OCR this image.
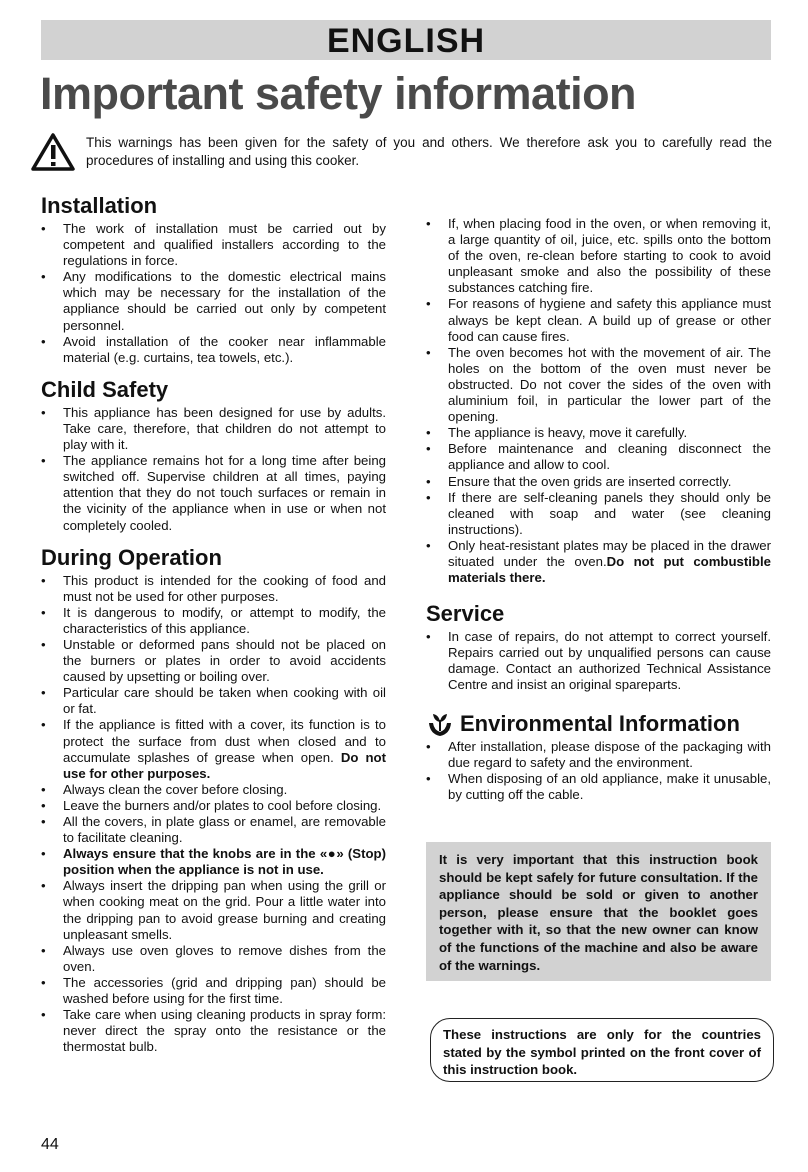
ENGLISH
Important safety information

This warnings has been given for the safety of you and others. We therefore ask you to carefully read the procedures of installing and using this cooker.

Installation
• The work of installation must be carried out by competent and qualified installers according to the regulations in force.
• Any modifications to the domestic electrical mains which may be necessary for the installation of the appliance should be carried out only by competent personnel.
• Avoid installation of the cooker near inflammable material (e.g. curtains, tea towels, etc.).
Child Safety
• This appliance has been designed for use by adults. Take care, therefore, that children do not attempt to play with it.
• The appliance remains hot for a long time after being switched off. Supervise children at all times, paying attention that they do not touch surfaces or remain in the vicinity of the appliance when in use or when not completely cooled.
During Operation
• This product is intended for the cooking of food and must not be used for other purposes.
• It is dangerous to modify, or attempt to modify, the characteristics of this appliance.
• Unstable or deformed pans should not be placed on the burners or plates in order to avoid accidents caused by upsetting or boiling over.
• Particular care should be taken when cooking with oil or fat.
• If the appliance is fitted with a cover, its function is to protect the surface from dust when closed and to accumulate splashes of grease when open. Do not use for other purposes.
• Always clean the cover before closing.
• Leave the burners and/or plates to cool before closing.
• All the covers, in plate glass or enamel, are removable to facilitate cleaning.
• Always ensure that the knobs are in the «●» (Stop) position when the appliance is not in use.
• Always insert the dripping pan when using the grill or when cooking meat on the grid. Pour a little water into the dripping pan to avoid grease burning and creating unpleasant smells.
• Always use oven gloves to remove dishes from the oven.
• The accessories (grid and dripping pan) should be washed before using for the first time.
• Take care when using cleaning products in spray form: never direct the spray onto the resistance or the thermostat bulb.
• If, when placing food in the oven, or when removing it, a large quantity of oil, juice, etc. spills onto the bottom of the oven, re-clean before starting to cook to avoid unpleasant smoke and also the possibility of these substances catching fire.
• For reasons of hygiene and safety this appliance must always be kept clean. A build up of grease or other food can cause fires.
• The oven becomes hot with the movement of air. The holes on the bottom of the oven must never be obstructed. Do not cover the sides of the oven with aluminium foil, in particular the lower part of the opening.
• The appliance is heavy, move it carefully.
• Before maintenance and cleaning disconnect the appliance and allow to cool.
• Ensure that the oven grids are inserted correctly.
• If there are self-cleaning panels they should only be cleaned with soap and water (see cleaning instructions).
• Only heat-resistant plates may be placed in the drawer situated under the oven.Do not put combustible materials there.
Service
• In case of repairs, do not attempt to correct yourself. Repairs carried out by unqualified persons can cause damage. Contact an authorized Technical Assistance Centre and insist an original spareparts.
Environmental Information
• After installation, please dispose of the packaging with due regard to safety and the environment.
• When disposing of an old appliance, make it unusable, by cutting off the cable.

It is very important that this instruction book should be kept safely for future consultation. If the appliance should be sold or given to another person, please ensure that the booklet goes together with it, so that the new owner can know of the functions of the machine and also be aware of the warnings.

These instructions are only for the countries stated by the symbol printed on the front cover of this instruction book.

44
